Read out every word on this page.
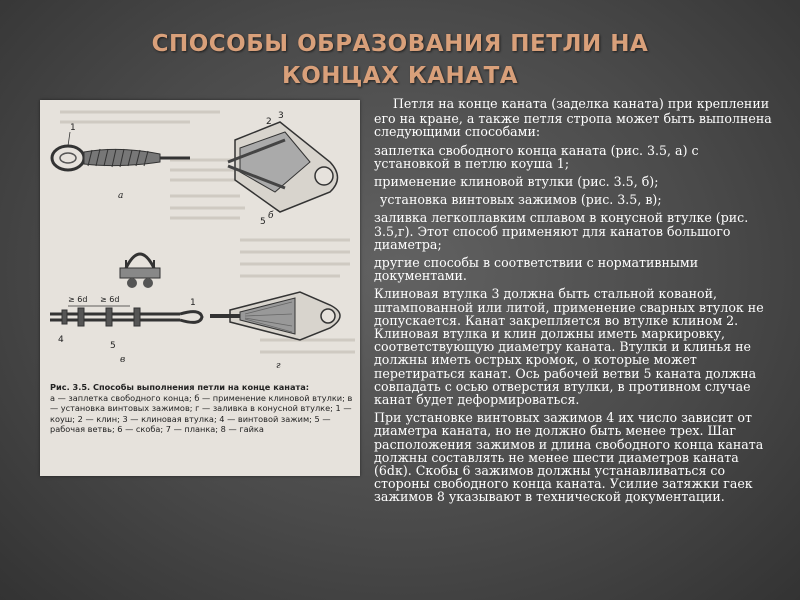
СПОСОБЫ ОБРАЗОВАНИЯ ПЕТЛИ НА
КОНЦАХ КАНАТА
1
а
3
2
5
б
≥ 6d ≥ 6d	1
4
5
в
г
Рис. 3.5. Способы выполнения петли на конце каната:
а — заплетка свободного конца; б — применение клиновой втулки; в — установка винтовых зажимов; г — заливка в конусной втулке; 1 — коуш; 2 — клин; 3 — клиновая втулка; 4 — винтовой зажим; 5 — рабочая ветвь; 6 — скоба; 7 — планка; 8 — гайка

Петля на конце каната (заделка каната) при креплении

его на кране, а также петля стропа может быть выполнена следующими способами:

заплетка свободного конца каната (рис. 3.5, а) с установкой в петлю коуша 1;

применение клиновой втулки (рис. 3.5, б);

установка винтовых зажимов (рис. 3.5, в);

заливка легкоплавким сплавом в конусной втулке (рис. 3.5,г). Этот способ применяют для канатов большого диаметра;

другие способы в соответствии с нормативными документами.

Клиновая втулка 3 должна быть стальной кованой, штампованной или литой, применение сварных втулок не допускается. Канат закрепляется во втулке клином 2. Клиновая втулка и клин должны иметь маркировку, соответствующую диаметру каната. Втулки и клинья не должны иметь острых кромок, о которые может перетираться канат. Ось рабочей ветви 5 каната должна совпадать с осью отверстия втулки, в противном случае канат будет деформироваться.

При установке винтовых зажимов 4 их число зависит от диаметра каната, но не должно быть менее трех. Шаг расположения зажимов и длина свободного конца каната должны составлять не менее шести диаметров каната (6dк). Скобы 6 зажимов должны устанавливаться со стороны свободного конца каната. Усилие затяжки гаек зажимов 8 указывают в технической документации.
